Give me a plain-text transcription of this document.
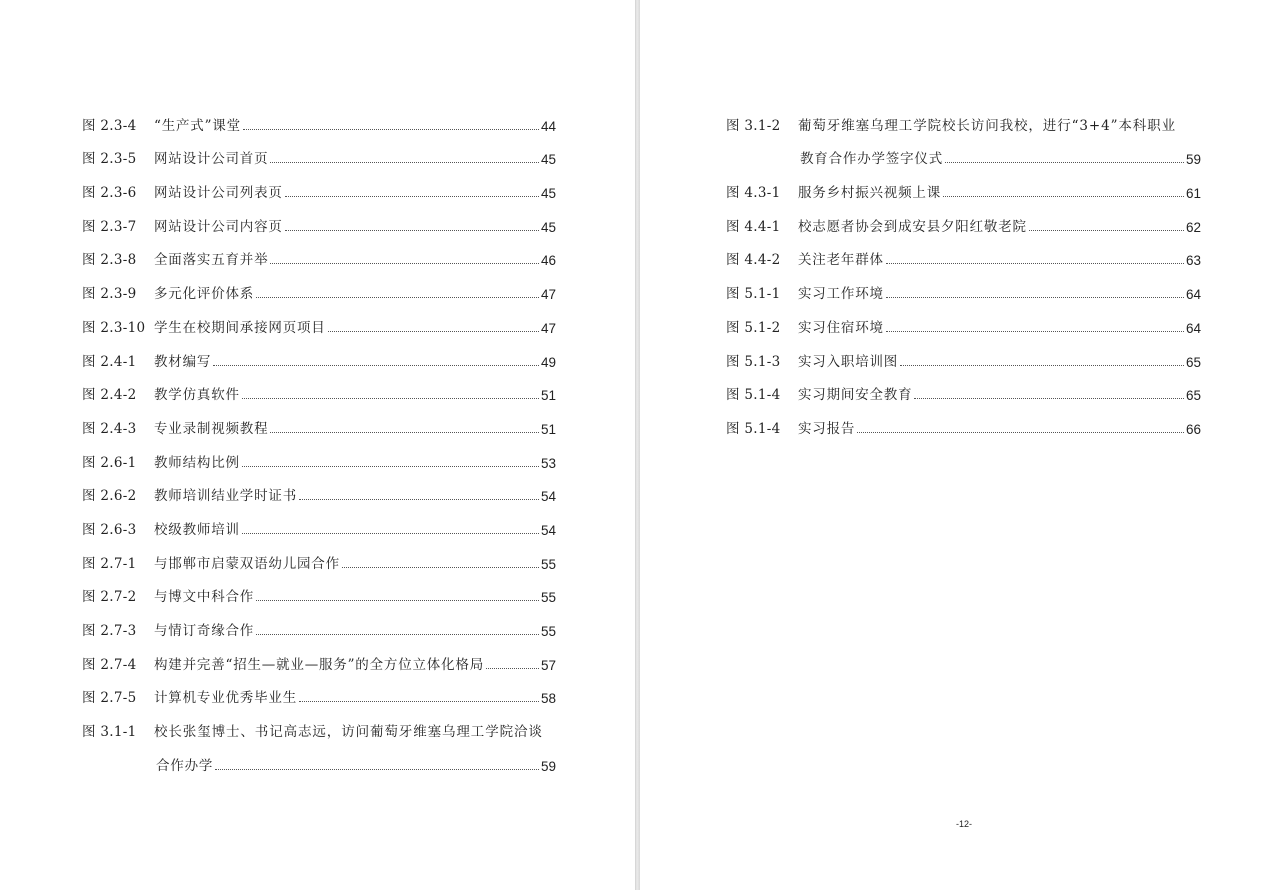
图 2.3-4	“生产式”课堂	44
图 2.3-5	网站设计公司首页	45
图 2.3-6	网站设计公司列表页	45
图 2.3-7	网站设计公司内容页	45
图 2.3-8	全面落实五育并举	46
图 2.3-9	多元化评价体系	47
图 2.3-10 学生在校期间承接网页项目	47
图 2.4-1	教材编写	49
图 2.4-2	教学仿真软件	51
图 2.4-3	专业录制视频教程	51
图 2.6-1	教师结构比例	53
图 2.6-2	教师培训结业学时证书	54
图 2.6-3	校级教师培训	54
图 2.7-1	与邯郸市启蒙双语幼儿园合作	55
图 2.7-2	与博文中科合作	55
图 2.7-3	与情订奇缘合作	55
图 2.7-4	构建并完善“招生—就业—服务”的全方位立体化格局	57
图 2.7-5	计算机专业优秀毕业生	58
图 3.1-1	校长张玺博士、书记高志远，访问葡萄牙维塞乌理工学院洽谈
合作办学	59
图 3.1-2	葡萄牙维塞乌理工学院校长访问我校，进行“3+4”本科职业
教育合作办学签字仪式	59
图 4.3-1	服务乡村振兴视频上课	61
图 4.4-1	校志愿者协会到成安县夕阳红敬老院	62
图 4.4-2	关注老年群体	63
图 5.1-1	实习工作环境	64
图 5.1-2	实习住宿环境	64
图 5.1-3	实习入职培训图	65
图 5.1-4	实习期间安全教育	65
图 5.1-4	实习报告	66
-12-
